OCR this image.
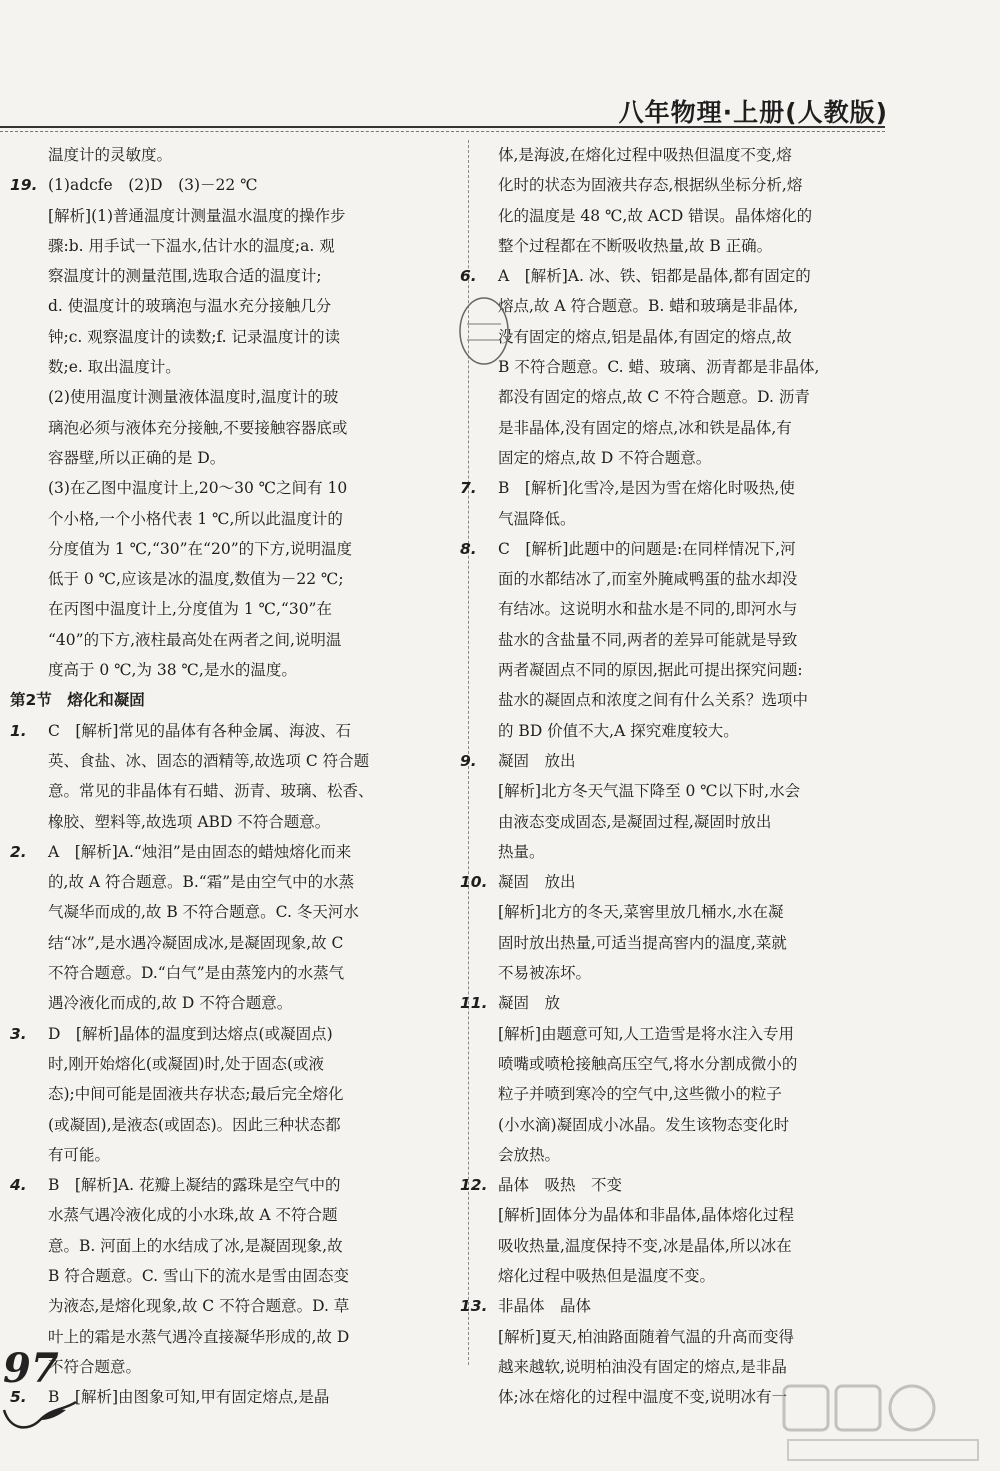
八年物理·上册(人教版)
温度计的灵敏度。
19. (1)adcfe　(2)D　(3)－22 ℃
[解析](1)普通温度计测量温水温度的操作步
骤:b. 用手试一下温水,估计水的温度;a. 观
察温度计的测量范围,选取合适的温度计;
d. 使温度计的玻璃泡与温水充分接触几分
钟;c. 观察温度计的读数;f. 记录温度计的读
数;e. 取出温度计。
(2)使用温度计测量液体温度时,温度计的玻
璃泡必须与液体充分接触,不要接触容器底或
容器壁,所以正确的是 D。
(3)在乙图中温度计上,20～30 ℃之间有 10
个小格,一个小格代表 1 ℃,所以此温度计的
分度值为 1 ℃,“30”在“20”的下方,说明温度
低于 0 ℃,应该是冰的温度,数值为－22 ℃;
在丙图中温度计上,分度值为 1 ℃,“30”在
“40”的下方,液柱最高处在两者之间,说明温
度高于 0 ℃,为 38 ℃,是水的温度。
第2节　熔化和凝固
1.	C　[解析]常见的晶体有各种金属、海波、石
英、食盐、冰、固态的酒精等,故选项 C 符合题
意。常见的非晶体有石蜡、沥青、玻璃、松香、
橡胶、塑料等,故选项 ABD 不符合题意。
2.	A　[解析]A.“烛泪”是由固态的蜡烛熔化而来
的,故 A 符合题意。B.“霜”是由空气中的水蒸
气凝华而成的,故 B 不符合题意。C. 冬天河水
结“冰”,是水遇冷凝固成冰,是凝固现象,故 C
不符合题意。D.“白气”是由蒸笼内的水蒸气
遇冷液化而成的,故 D 不符合题意。
3.	D　[解析]晶体的温度到达熔点(或凝固点)
时,刚开始熔化(或凝固)时,处于固态(或液
态);中间可能是固液共存状态;最后完全熔化
(或凝固),是液态(或固态)。因此三种状态都
有可能。
4.	B　[解析]A. 花瓣上凝结的露珠是空气中的
水蒸气遇冷液化成的小水珠,故 A 不符合题
意。B. 河面上的水结成了冰,是凝固现象,故
B 符合题意。C. 雪山下的流水是雪由固态变
为液态,是熔化现象,故 C 不符合题意。D. 草
叶上的霜是水蒸气遇冷直接凝华形成的,故 D
不符合题意。
5.	B　[解析]由图象可知,甲有固定熔点,是晶
体,是海波,在熔化过程中吸热但温度不变,熔
化时的状态为固液共存态,根据纵坐标分析,熔
化的温度是 48 ℃,故 ACD 错误。晶体熔化的
整个过程都在不断吸收热量,故 B 正确。
6.	A　[解析]A. 冰、铁、铝都是晶体,都有固定的
熔点,故 A 符合题意。B. 蜡和玻璃是非晶体,
没有固定的熔点,铝是晶体,有固定的熔点,故
B 不符合题意。C. 蜡、玻璃、沥青都是非晶体,
都没有固定的熔点,故 C 不符合题意。D. 沥青
是非晶体,没有固定的熔点,冰和铁是晶体,有
固定的熔点,故 D 不符合题意。
7.	B　[解析]化雪冷,是因为雪在熔化时吸热,使
气温降低。
8.	C　[解析]此题中的问题是:在同样情况下,河
面的水都结冰了,而室外腌咸鸭蛋的盐水却没
有结冰。这说明水和盐水是不同的,即河水与
盐水的含盐量不同,两者的差异可能就是导致
两者凝固点不同的原因,据此可提出探究问题:
盐水的凝固点和浓度之间有什么关系？选项中
的 BD 价值不大,A 探究难度较大。
9.	凝固　放出
[解析]北方冬天气温下降至 0 ℃以下时,水会
由液态变成固态,是凝固过程,凝固时放出
热量。
10. 凝固　放出
[解析]北方的冬天,菜窖里放几桶水,水在凝
固时放出热量,可适当提高窖内的温度,菜就
不易被冻坏。
11. 凝固　放
[解析]由题意可知,人工造雪是将水注入专用
喷嘴或喷枪接触高压空气,将水分割成微小的
粒子并喷到寒冷的空气中,这些微小的粒子
(小水滴)凝固成小冰晶。发生该物态变化时
会放热。
12. 晶体　吸热　不变
[解析]固体分为晶体和非晶体,晶体熔化过程
吸收热量,温度保持不变,冰是晶体,所以冰在
熔化过程中吸热但是温度不变。
13. 非晶体　晶体
[解析]夏天,柏油路面随着气温的升高而变得
越来越软,说明柏油没有固定的熔点,是非晶
体;冰在熔化的过程中温度不变,说明冰有一
97
